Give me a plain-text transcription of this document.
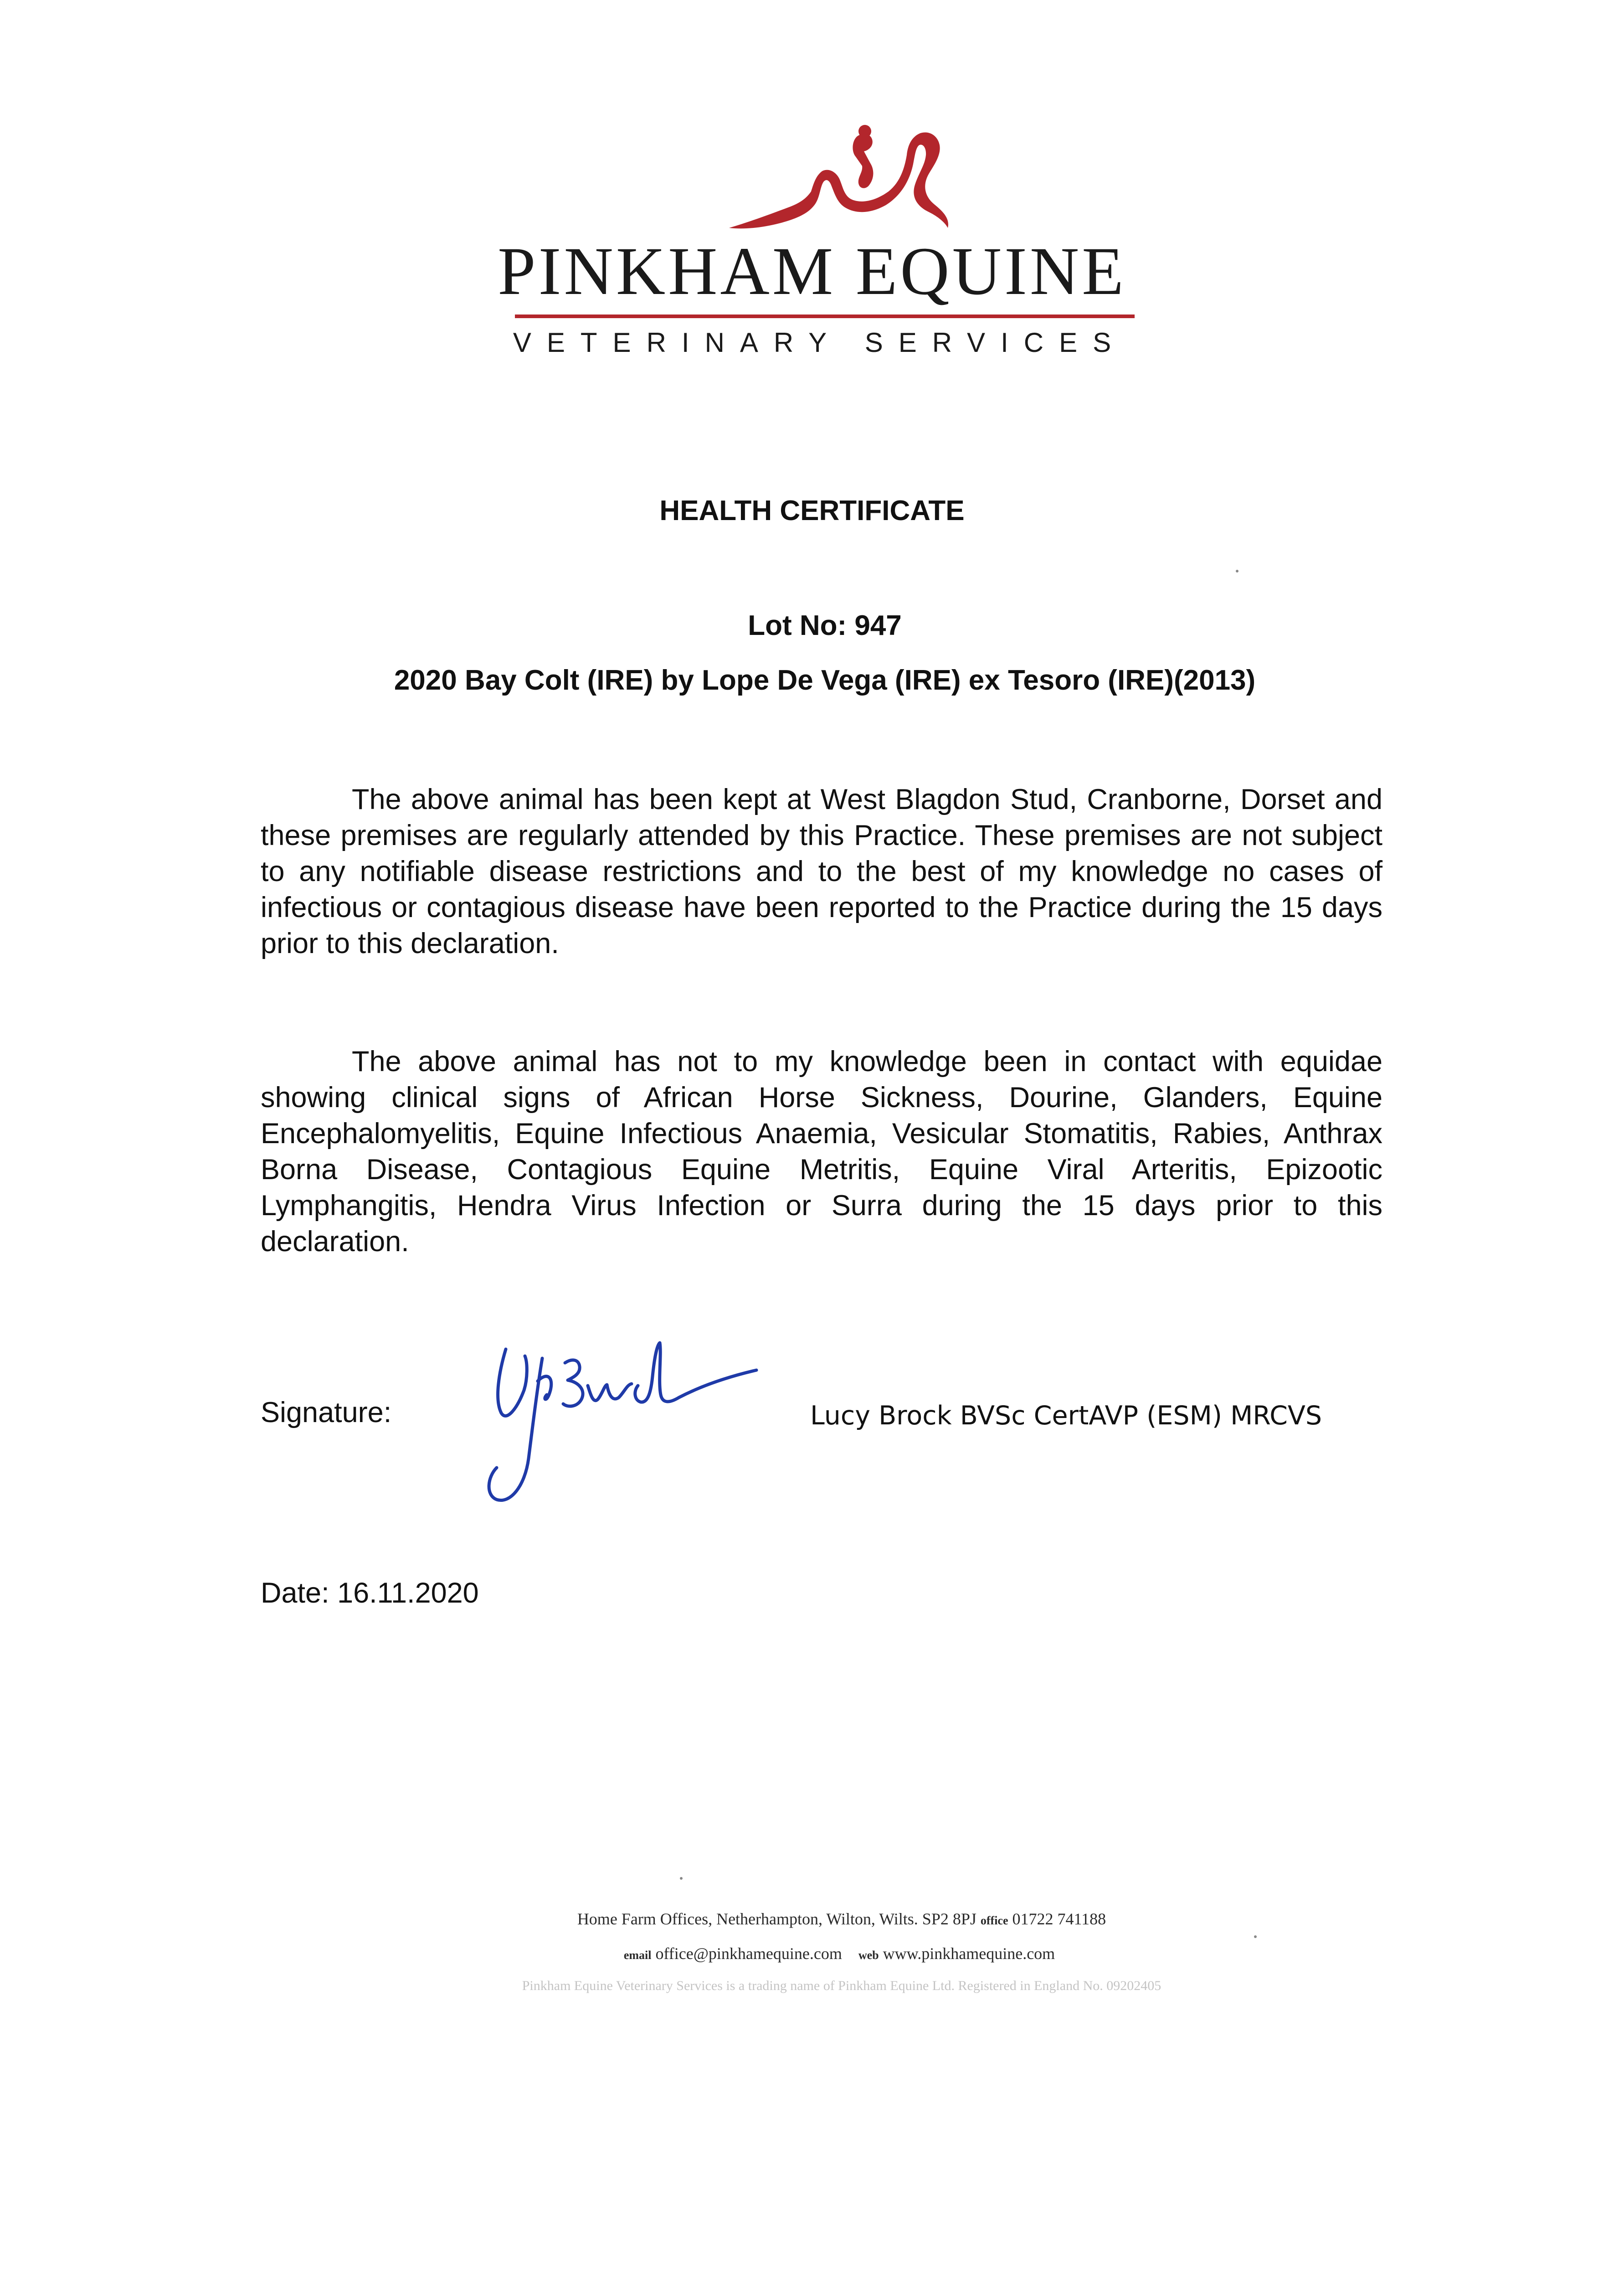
PINKHAM EQUINE
VETERINARY SERVICES
HEALTH CERTIFICATE
Lot No: 947
2020 Bay Colt (IRE) by Lope De Vega (IRE) ex Tesoro (IRE)(2013)
The above animal has been kept at West Blagdon Stud, Cranborne, Dorset and these premises are regularly attended by this Practice. These premises are not subject to any notifiable disease restrictions and to the best of my knowledge no cases of infectious or contagious disease have been reported to the Practice during the 15 days prior to this declaration.
The above animal has not to my knowledge been in contact with equidae showing clinical signs of African Horse Sickness, Dourine, Glanders, Equine Encephalomyelitis, Equine Infectious Anaemia, Vesicular Stomatitis, Rabies, Anthrax Borna Disease, Contagious Equine Metritis, Equine Viral Arteritis, Epizootic Lymphangitis, Hendra Virus Infection or Surra during the 15 days prior to this declaration.
Signature:	Lucy Brock BVSc CertAVP (ESM) MRCVS
Date: 16.11.2020
Home Farm Offices, Netherhampton, Wilton, Wilts. SP2 8PJ office 01722 741188
email office@pinkhamequine.com web www.pinkhamequine.com
Pinkham Equine Veterinary Services is a trading name of Pinkham Equine Ltd. Registered in England No. 09202405
